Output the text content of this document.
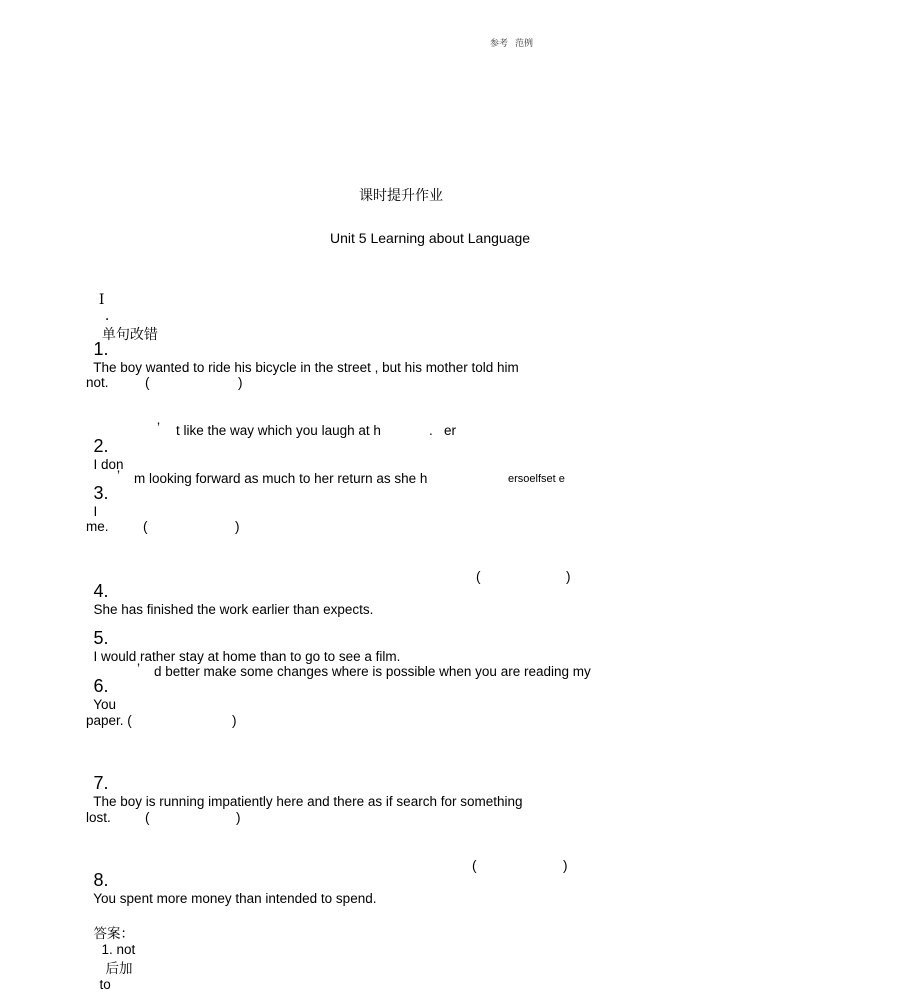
参考 范例
课时提升作业
Unit 5 Learning about Language

Ⅰ
.
单句改错

1.
The boy wanted to ride his bicycle in the street , but his mother told him

not.	(	)

2.
I don

’ t like the way which you laugh at h	. er

3.
I

’ m looking forward as much to her return as she h	ersoelfset e
me.	(	)

4.
She has finished the work earlier than expects.

(	)

5.
I would rather stay at home than to go to see a film.

6.
You

’ d better make some changes where is possible when you are reading my
paper. (	)

7.
The boy is running impatiently here and there as if search for something

lost.	(	)

8.
You spent more money than intended to spend.

(	)

答案：
1. not
后加
to
